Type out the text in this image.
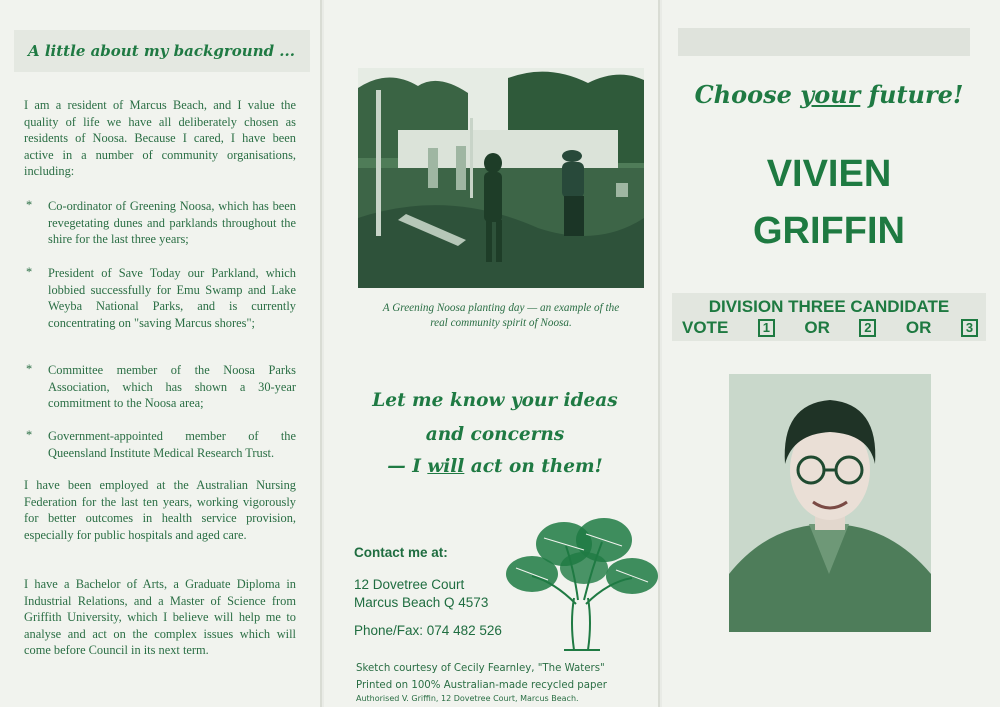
A little about my background ...
I am a resident of Marcus Beach, and I value the quality of life we have all deliberately chosen as residents of Noosa. Because I cared, I have been active in a number of community organisations, including:
* Co-ordinator of Greening Noosa, which has been revegetating dunes and parklands throughout the shire for the last three years;
* President of Save Today our Parkland, which lobbied successfully for Emu Swamp and Lake Weyba National Parks, and is currently concentrating on "saving Marcus shores";
* Committee member of the Noosa Parks Association, which has shown a 30-year commitment to the Noosa area;
* Government-appointed member of the Queensland Institute Medical Research Trust.
I have been employed at the Australian Nursing Federation for the last ten years, working vigorously for better outcomes in health service provision, especially for public hospitals and aged care.
I have a Bachelor of Arts, a Graduate Diploma in Industrial Relations, and a Master of Science from Griffith University, which I believe will help me to analyse and act on the complex issues which will come before Council in its next term.
A Greening Noosa planting day — an example of the
real community spirit of Noosa.
Let me know your ideas
and concerns
— I will act on them!
Contact me at:
12 Dovetree Court
Marcus Beach Q 4573
Phone/Fax: 074 482 526
Sketch courtesy of Cecily Fearnley, "The Waters"
Printed on 100% Australian-made recycled paper
Authorised V. Griffin, 12 Dovetree Court, Marcus Beach.
Choose your future!
VIVIEN
GRIFFIN
DIVISION THREE CANDIDATE
VOTE	1 OR	2 OR	3
